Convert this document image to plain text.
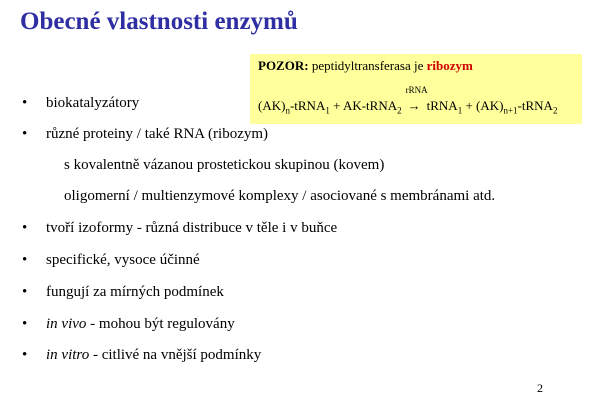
Obecné vlastnosti enzymů
POZOR: peptidyltransferasa je ribozym
$(AK)_n-tRNA_1$ + AK-tRNA$_2$
rRNA
→ tRNA$_1$ + $(AK)_{n+1}-tRNA_2$
• biokatalyzátory
• různé proteiny / také RNA (ribozym)
s kovalentně vázanou prostetickou skupinou (kovem)
oligomerní / multienzymové komplexy / asociované s membránami atd.
• tvoří izoformy - různá distribuce v těle i v buňce
• specifické, vysoce účinné
• fungují za mírných podmínek
• in vivo - mohou být regulovány
• in vitro - citlivé na vnější podmínky
2
